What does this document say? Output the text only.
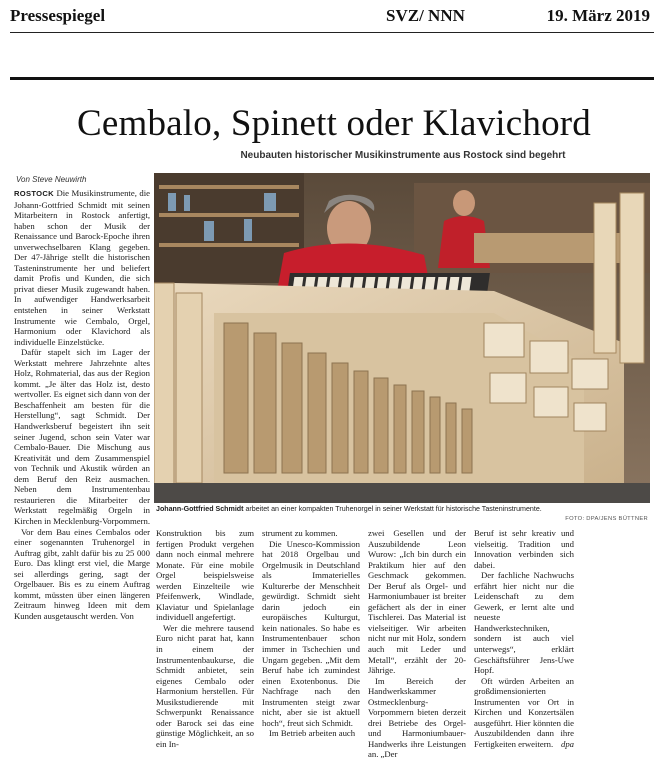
Pressespiegel	SVZ/ NNN	19. März 2019
Cembalo, Spinett oder Klavichord
Neubauten historischer Musikinstrumente aus Rostock sind begehrt
Von Steve Neuwirth

ROSTOCK Die Musikinstrumente, die Johann-Gottfried Schmidt mit seinen Mitarbeitern in Rostock anfertigt, haben schon der Musik der Renaissance und Barock-Epoche ihren unverwechselbaren Klang gegeben. Der 47-Jährige stellt die historischen Tasteninstrumente her und beliefert damit Profis und Kunden, die sich privat dieser Musik zugewandt haben. In aufwendiger Handwerksarbeit entstehen in seiner Werkstatt Instrumente wie Cembalo, Orgel, Harmonium oder Klavichord als individuelle Einzelstücke.

Dafür stapelt sich im Lager der Werkstatt mehrere Jahrzehnte altes Holz, Rohmaterial, das aus der Region kommt. „Je älter das Holz ist, desto wertvoller. Es eignet sich dann von der Beschaffenheit am besten für die Herstellung“, sagt Schmidt. Der Handwerksberuf begeistert ihn seit seiner Jugend, schon sein Vater war Cembalo-Bauer. Die Mischung aus Kreativität und dem Zusammenspiel von Technik und Akustik würden an dem Beruf den Reiz ausmachen. Neben dem Instrumentenbau restaurieren die Mitarbeiter der Werkstatt regelmäßig Orgeln in Kirchen in Mecklenburg-Vorpommern.

Vor dem Bau eines Cembalos oder einer sogenannten Truhenorgel in Auftrag gibt, zahlt dafür bis zu 25 000 Euro. Das klingt erst viel, die Marge sei allerdings gering, sagt der Orgelbauer. Bis es zu einem Auftrag kommt, müssten über einen längeren Zeitraum hinweg Ideen mit dem Kunden ausgetauscht werden. Von

Johann-Gottfried Schmidt arbeitet an einer kompakten Truhenorgel in seiner Werkstatt für historische Tasteninstrumente.
FOTO: DPA/JENS BÜTTNER

Konstruktion bis zum fertigen Produkt vergehen dann noch einmal mehrere Monate. Für eine mobile Orgel beispielsweise werden Einzelteile wie Pfeifenwerk, Windlade, Klaviatur und Spielanlage individuell angefertigt.

Wer die mehrere tausend Euro nicht parat hat, kann in einem der Instrumentenbaukurse, die Schmidt anbietet, sein eigenes Cembalo oder Harmonium herstellen. Für Musikstudierende mit Schwerpunkt Renaissance oder Barock sei das eine günstige Möglichkeit, an so ein In-

strument zu kommen.

Die Unesco-Kommission hat 2018 Orgelbau und Orgelmusik in Deutschland als Immaterielles Kulturerbe der Menschheit gewürdigt. Schmidt sieht darin jedoch ein europäisches Kulturgut, kein nationales. So habe es Instrumentenbauer schon immer in Tschechien und Ungarn gegeben. „Mit dem Beruf habe ich zumindest einen Exotenbonus. Die Nachfrage nach den Instrumenten steigt zwar nicht, aber sie ist aktuell hoch“, freut sich Schmidt.

Im Betrieb arbeiten auch

zwei Gesellen und der Auszubildende Leon Wurow: „Ich bin durch ein Praktikum hier auf den Geschmack gekommen. Der Beruf als Orgel- und Harmoniumbauer ist breiter gefächert als der in einer Tischlerei. Das Material ist vielseitiger. Wir arbeiten nicht nur mit Holz, sondern auch mit Leder und Metall“, erzählt der 20-Jährige.

Im Bereich der Handwerkskammer Ostmecklenburg-Vorpommern bieten derzeit drei Betriebe des Orgel- und Harmoniumbauer-Handwerks ihre Leistungen an. „Der

Beruf ist sehr kreativ und vielseitig. Tradition und Innovation verbinden sich dabei.

Der fachliche Nachwuchs erfährt hier nicht nur die Leidenschaft zu dem Gewerk, er lernt alte und neueste Handwerkstechniken, sondern ist auch viel unterwegs“, erklärt Geschäftsführer Jens-Uwe Hopf.

Oft würden Arbeiten an großdimensionierten Instrumenten vor Ort in Kirchen und Konzertsälen ausgeführt. Hier könnten die Auszubildenden dann ihre Fertigkeiten erweitern. dpa
